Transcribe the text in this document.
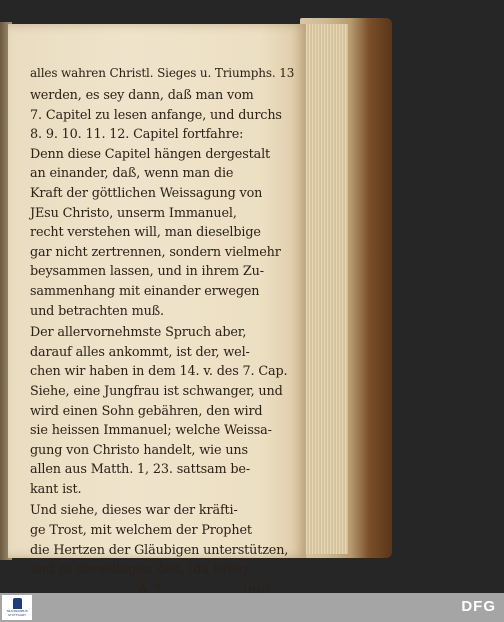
alles wahren Christl. Sieges u. Triumphs. 13
werden, es sey dann, daß man vom
7. Capitel zu lesen anfange, und durchs
8. 9. 10. 11. 12. Capitel fortfahre:
Denn diese Capitel hängen dergestalt
an einander, daß, wenn man die
Kraft der göttlichen Weissagung von
JEsu Christo, unserm Immanuel,
recht verstehen will, man dieselbige
gar nicht zertrennen, sondern vielmehr
beysammen lassen, und in ihrem Zu-
sammenhang mit einander erwegen
und betrachten muß.
Der allervornehmste Spruch aber,
darauf alles ankommt, ist der, wel-
chen wir haben in dem 14. v. des 7. Cap.
Siehe, eine Jungfrau ist schwanger, und
wird einen Sohn gebähren, den wird
sie heissen Immanuel; welche Weissa-
gung von Christo handelt, wie uns
allen aus Matth. 1, 23. sattsam be-
kant ist.
Und siehe, dieses war der kräfti-
ge Trost, mit welchem der Prophet
die Hertzen der Gläubigen unterstützen,
und zu derselbigen Zeit, (da Krieg
A 7	und
TRANSKRIBUS STUTTGART	DFG
